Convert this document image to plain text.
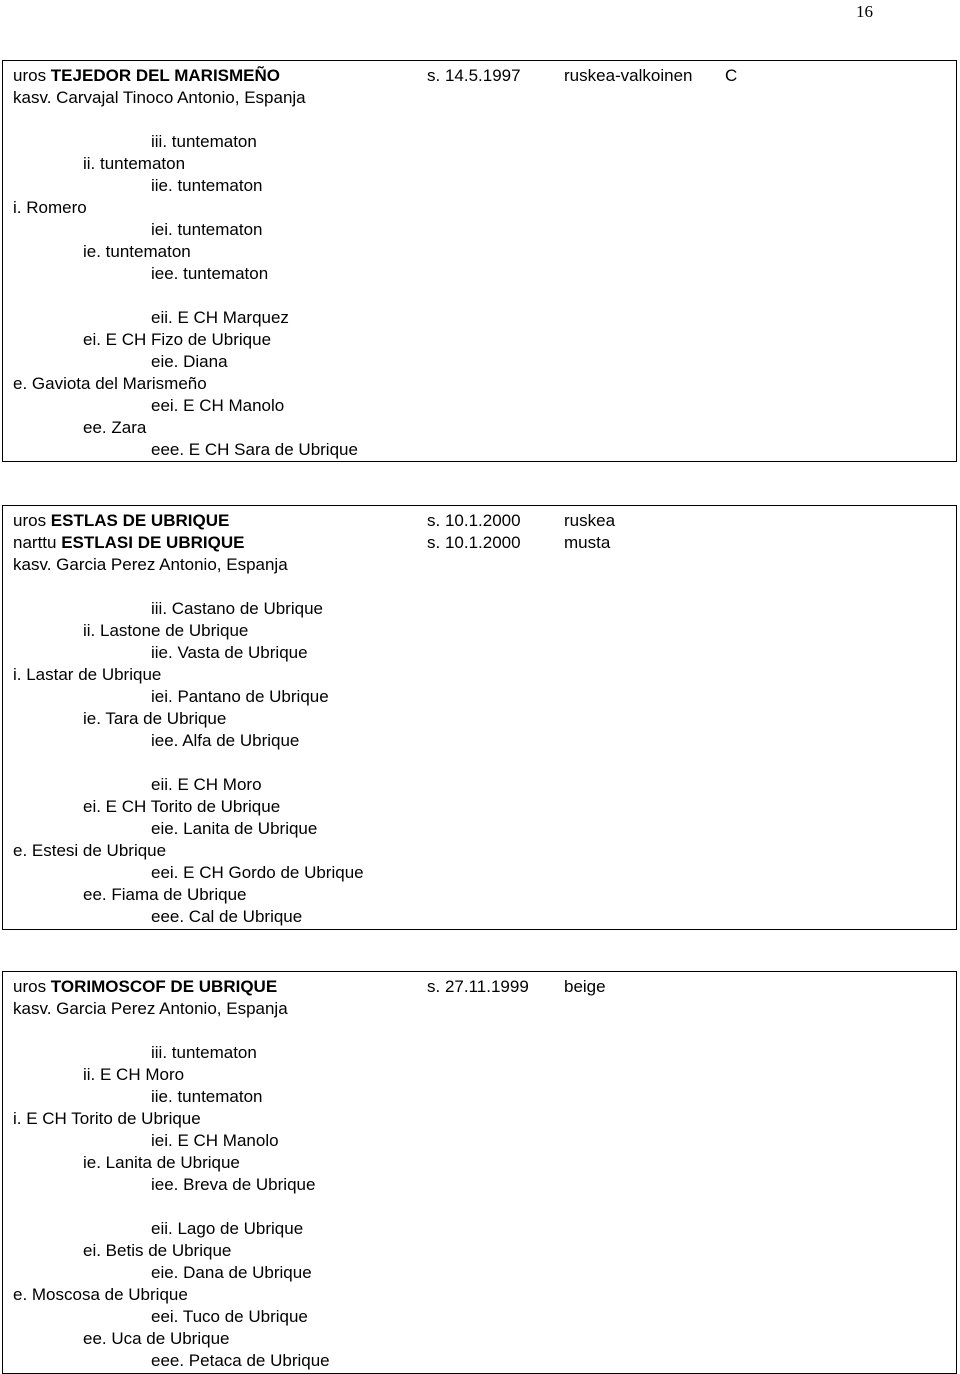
16
uros TEJEDOR DEL MARISMEÑO	s. 14.5.1997	ruskea-valkoinen C
kasv. Carvajal Tinoco Antonio, Espanja
iii. tuntematon
ii. tuntematon
iie. tuntematon
i. Romero
iei. tuntematon
ie. tuntematon
iee. tuntematon
eii. E CH Marquez
ei. E CH Fizo de Ubrique
eie. Diana
e. Gaviota del Marismeño
eei. E CH Manolo
ee. Zara
eee. E CH Sara de Ubrique
uros ESTLAS DE UBRIQUE	s. 10.1.2000	ruskea
narttu ESTLASI DE UBRIQUE	s. 10.1.2000	musta
kasv. Garcia Perez Antonio, Espanja
iii. Castano de Ubrique
ii. Lastone de Ubrique
iie. Vasta de Ubrique
i. Lastar de Ubrique
iei. Pantano de Ubrique
ie. Tara de Ubrique
iee. Alfa de Ubrique
eii. E CH Moro
ei. E CH Torito de Ubrique
eie. Lanita de Ubrique
e. Estesi de Ubrique
eei. E CH Gordo de Ubrique
ee. Fiama de Ubrique
eee. Cal de Ubrique
uros TORIMOSCOF DE UBRIQUE	s. 27.11.1999 beige
kasv. Garcia Perez Antonio, Espanja
iii. tuntematon
ii. E CH Moro
iie. tuntematon
i. E CH Torito de Ubrique
iei. E CH Manolo
ie. Lanita de Ubrique
iee. Breva de Ubrique
eii. Lago de Ubrique
ei. Betis de Ubrique
eie. Dana de Ubrique
e. Moscosa de Ubrique
eei. Tuco de Ubrique
ee. Uca de Ubrique
eee. Petaca de Ubrique
